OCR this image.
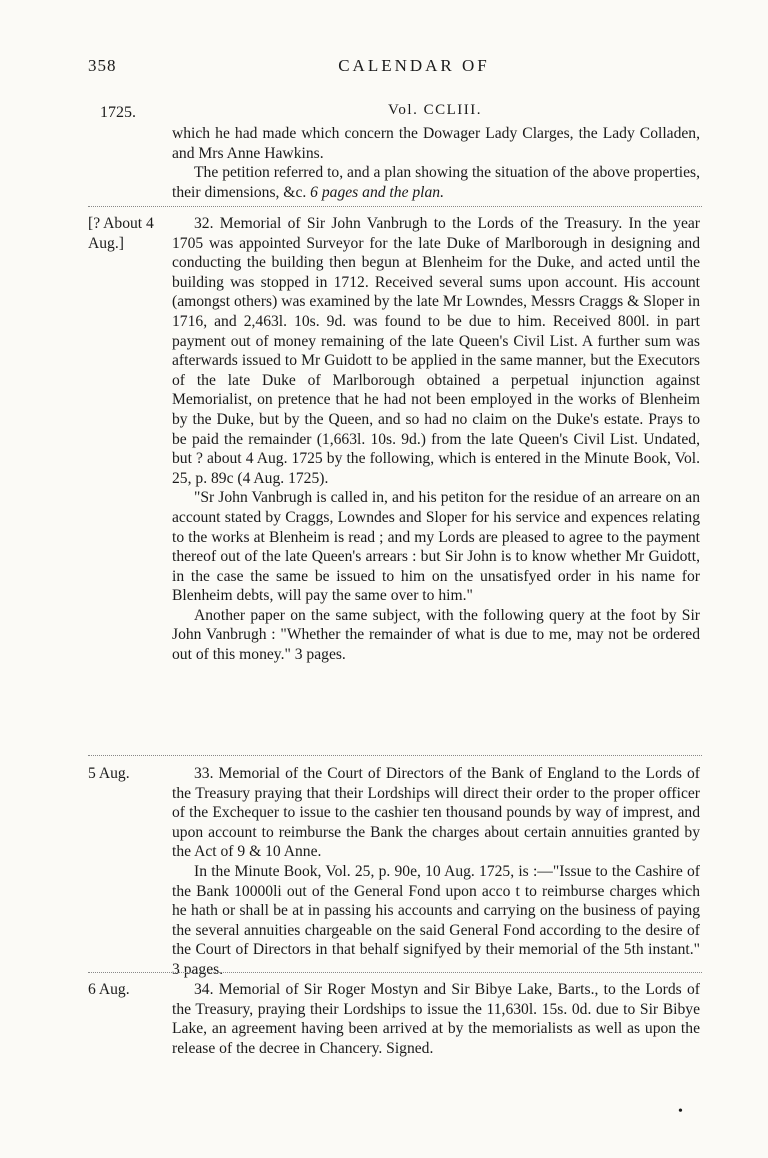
358	CALENDAR OF
1725.	Vol. CCLIII.

which he had made which concern the Dowager Lady Clarges, the Lady Colladen, and Mrs Anne Hawkins.

The petition referred to, and a plan showing the situation of the above properties, their dimensions, &c. 6 pages and the plan.

[? About 4 Aug.]

32. Memorial of Sir John Vanbrugh to the Lords of the Treasury. In the year 1705 was appointed Surveyor for the late Duke of Marlborough in designing and conducting the building then begun at Blenheim for the Duke, and acted until the building was stopped in 1712. Received several sums upon account. His account (amongst others) was examined by the late Mr Lowndes, Messrs Craggs & Sloper in 1716, and 2,463l. 10s. 9d. was found to be due to him. Received 800l. in part payment out of money remaining of the late Queen's Civil List. A further sum was afterwards issued to Mr Guidott to be applied in the same manner, but the Executors of the late Duke of Marlborough obtained a perpetual injunction against Memorialist, on pretence that he had not been employed in the works of Blenheim by the Duke, but by the Queen, and so had no claim on the Duke's estate. Prays to be paid the remainder (1,663l. 10s. 9d.) from the late Queen's Civil List. Undated, but ? about 4 Aug. 1725 by the following, which is entered in the Minute Book, Vol. 25, p. 89c (4 Aug. 1725).

"Sr John Vanbrugh is called in, and his petiton for the residue of an arreare on an account stated by Craggs, Lowndes and Sloper for his service and expences relating to the works at Blenheim is read ; and my Lords are pleased to agree to the payment thereof out of the late Queen's arrears : but Sir John is to know whether Mr Guidott, in the case the same be issued to him on the unsatisfyed order in his name for Blenheim debts, will pay the same over to him."

Another paper on the same subject, with the following query at the foot by Sir John Vanbrugh : "Whether the remainder of what is due to me, may not be ordered out of this money." 3 pages.

5 Aug.	33. Memorial of the Court of Directors of the Bank of England to the Lords of the Treasury praying that their Lordships will direct their order to the proper officer of the Exchequer to issue to the cashier ten thousand pounds by way of imprest, and upon account to reimburse the Bank the charges about certain annuities granted by the Act of 9 & 10 Anne.

In the Minute Book, Vol. 25, p. 90e, 10 Aug. 1725, is :—"Issue to the Cashire of the Bank 10000li out of the General Fond upon acco t to reimburse charges which he hath or shall be at in passing his accounts and carrying on the business of paying the several annuities chargeable on the said General Fond according to the desire of the Court of Directors in that behalf signifyed by their memorial of the 5th instant." 3 pages.

6 Aug.	34. Memorial of Sir Roger Mostyn and Sir Bibye Lake, Barts., to the Lords of the Treasury, praying their Lordships to issue the 11,630l. 15s. 0d. due to Sir Bibye Lake, an agreement having been arrived at by the memorialists as well as upon the release of the decree in Chancery. Signed.

•
